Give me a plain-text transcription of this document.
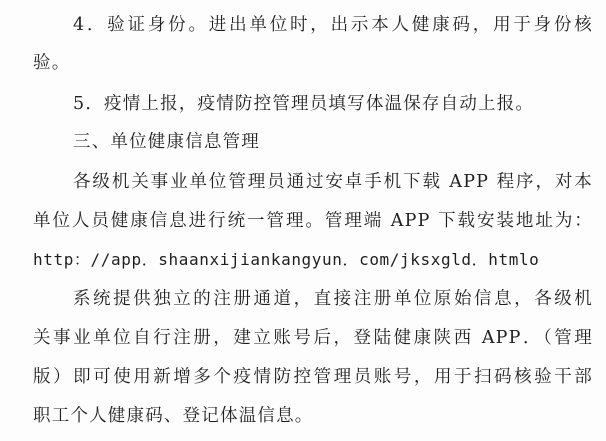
4．验证身份。进出单位时，出示本人健康码，用于身份核
验。
5．疫情上报，疫情防控管理员填写体温保存自动上报。
三、单位健康信息管理
各级机关事业单位管理员通过安卓手机下载 APP 程序，对本
单位人员健康信息进行统一管理。管理端 APP 下载安装地址为：
http：//app．shaanxijiankangyun．com/jksxgld．htmlo
系统提供独立的注册通道，直接注册单位原始信息，各级机
关事业单位自行注册，建立账号后，登陆健康陕西 APP．（管理
版）即可使用新增多个疫情防控管理员账号，用于扫码核验干部
职工个人健康码、登记体温信息。
